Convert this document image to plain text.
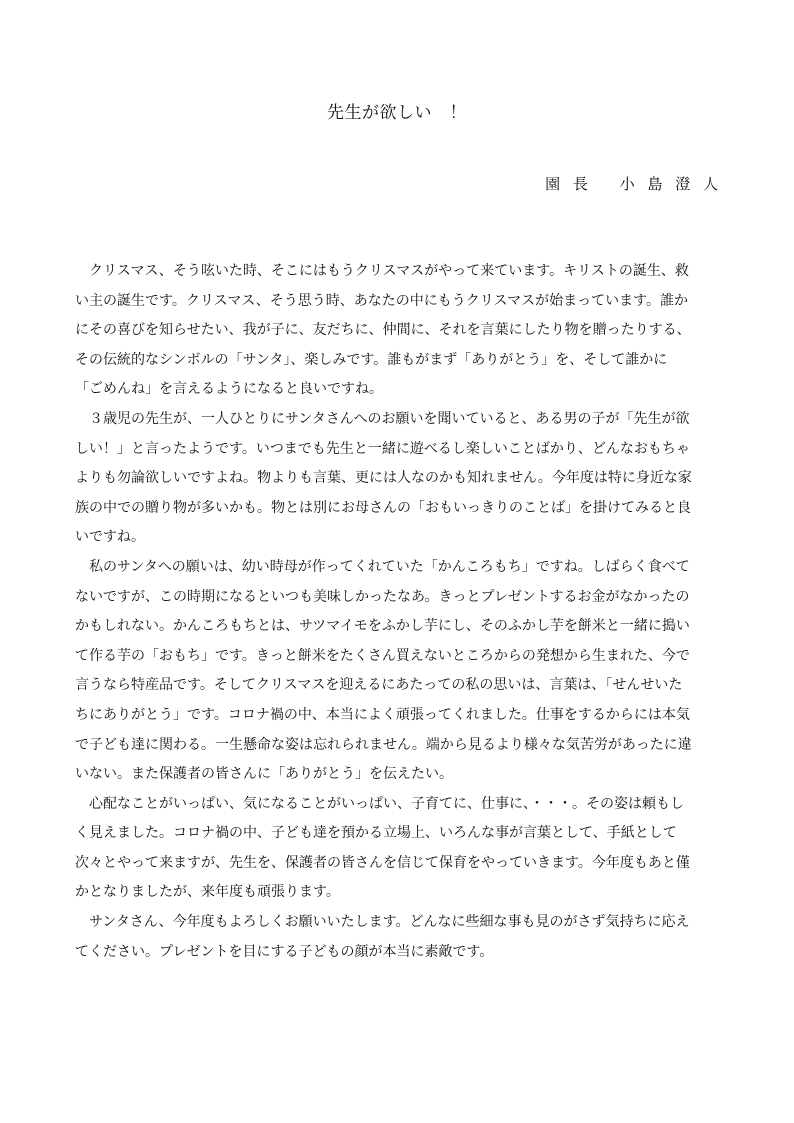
先生が欲しい　！
園 長　 小 島 澄 人
　クリスマス、そう呟いた時、そこにはもうクリスマスがやって来ています。キリストの誕生、救
い主の誕生です。クリスマス、そう思う時、あなたの中にもうクリスマスが始まっています。誰か
にその喜びを知らせたい、我が子に、友だちに、仲間に、それを言葉にしたり物を贈ったりする、
その伝統的なシンボルの「サンタ」、楽しみです。誰もがまず「ありがとう」を、そして誰かに
「ごめんね」を言えるようになると良いですね。
　３歳児の先生が、一人ひとりにサンタさんへのお願いを聞いていると、ある男の子が「先生が欲
しい！」と言ったようです。いつまでも先生と一緒に遊べるし楽しいことばかり、どんなおもちゃ
よりも勿論欲しいですよね。物よりも言葉、更には人なのかも知れません。今年度は特に身近な家
族の中での贈り物が多いかも。物とは別にお母さんの「おもいっきりのことば」を掛けてみると良
いですね。
　私のサンタへの願いは、幼い時母が作ってくれていた「かんころもち」ですね。しばらく食べて
ないですが、この時期になるといつも美味しかったなあ。きっとプレゼントするお金がなかったの
かもしれない。かんころもちとは、サツマイモをふかし芋にし、そのふかし芋を餅米と一緒に搗い
て作る芋の「おもち」です。きっと餅米をたくさん買えないところからの発想から生まれた、今で
言うなら特産品です。そしてクリスマスを迎えるにあたっての私の思いは、言葉は、「せんせいた
ちにありがとう」です。コロナ禍の中、本当によく頑張ってくれました。仕事をするからには本気
で子ども達に関わる。一生懸命な姿は忘れられません。端から見るより様々な気苦労があったに違
いない。また保護者の皆さんに「ありがとう」を伝えたい。
　心配なことがいっぱい、気になることがいっぱい、子育てに、仕事に、・・・。その姿は頼もし
く見えました。コロナ禍の中、子ども達を預かる立場上、いろんな事が言葉として、手紙として
次々とやって来ますが、先生を、保護者の皆さんを信じて保育をやっていきます。今年度もあと僅
かとなりましたが、来年度も頑張ります。
　サンタさん、今年度もよろしくお願いいたします。どんなに些細な事も見のがさず気持ちに応え
てください。プレゼントを目にする子どもの顔が本当に素敵です。
